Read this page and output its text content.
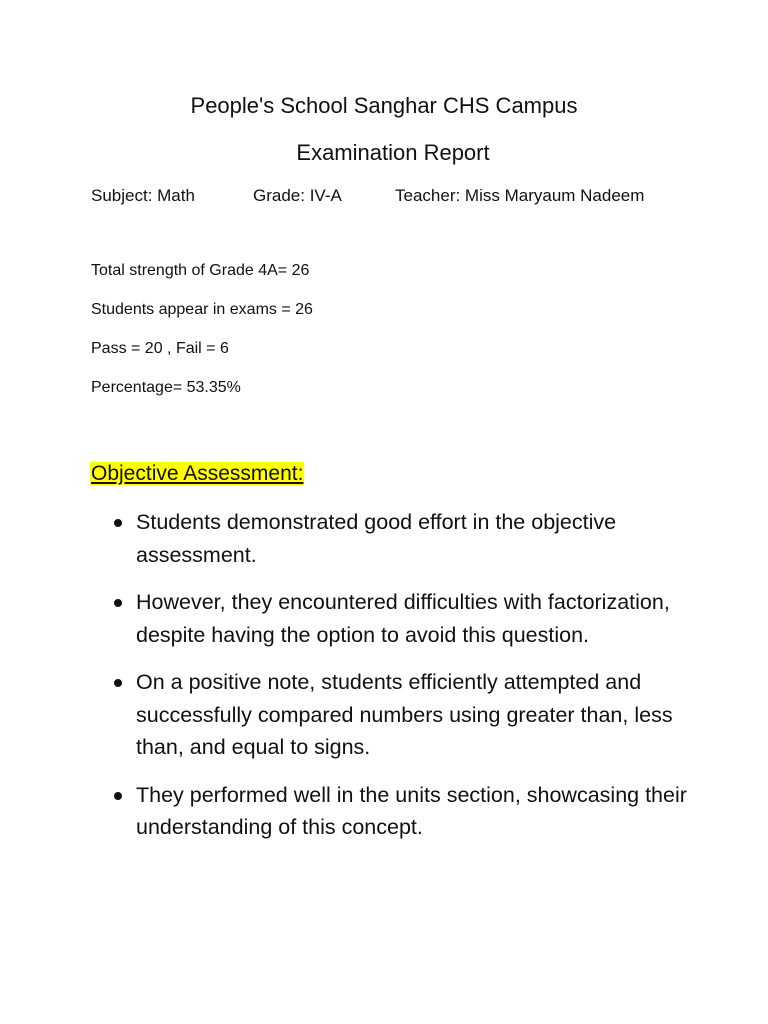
People's School Sanghar CHS Campus
Examination Report
Subject: Math	Grade: IV-A	Teacher: Miss Maryaum Nadeem
Total strength of Grade 4A= 26
Students appear in exams = 26
Pass = 20 , Fail = 6
Percentage= 53.35%
Objective Assessment:
Students demonstrated good effort in the objective assessment.
However, they encountered difficulties with factorization, despite having the option to avoid this question.
On a positive note, students efficiently attempted and successfully compared numbers using greater than, less than, and equal to signs.
They performed well in the units section, showcasing their understanding of this concept.
